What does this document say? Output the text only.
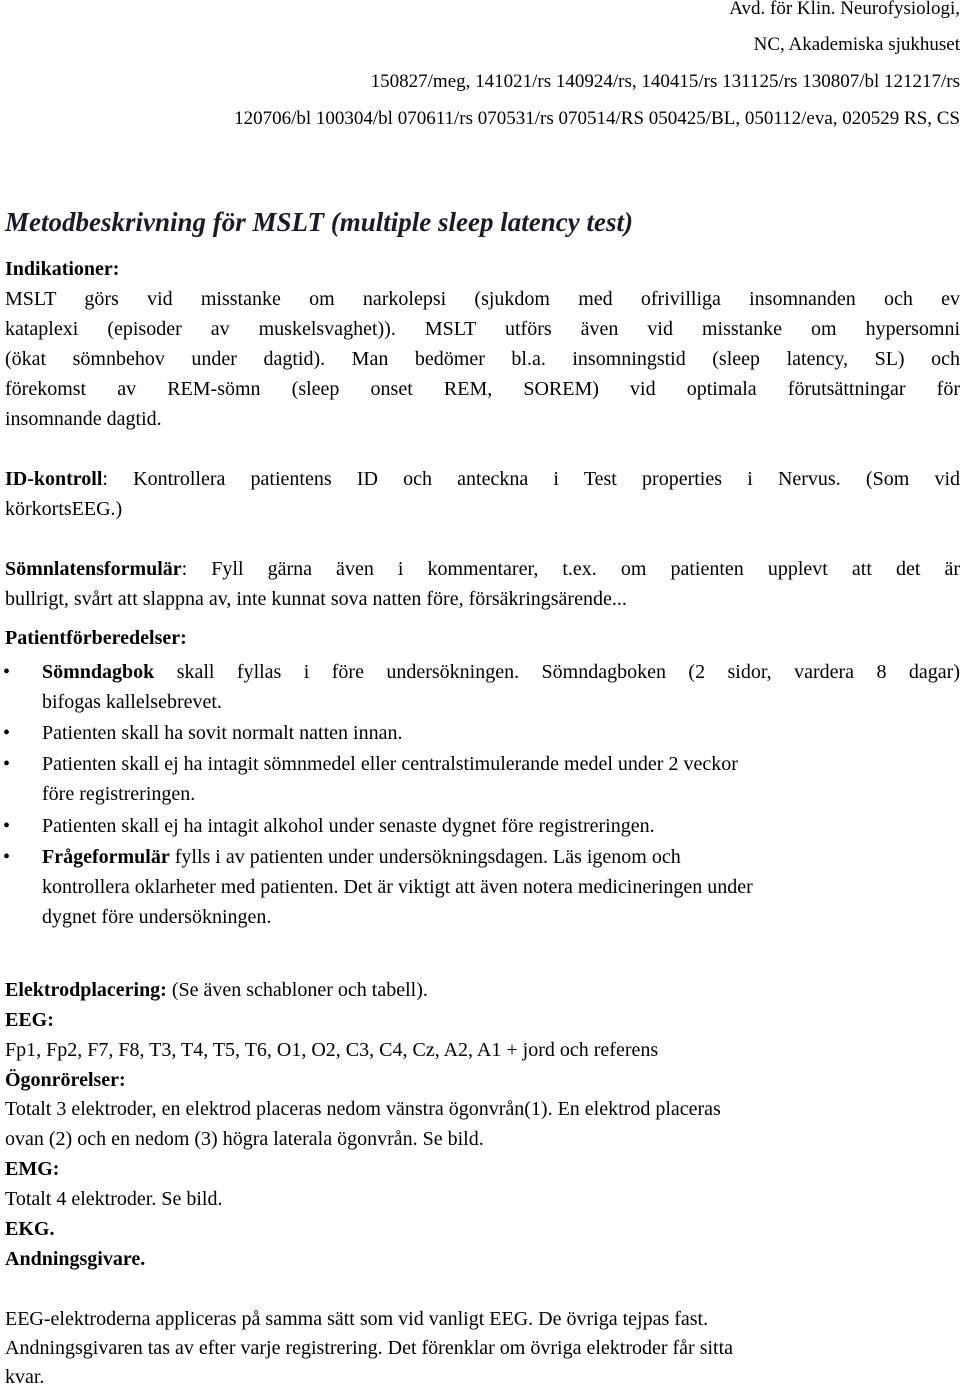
Avd. för Klin. Neurofysiologi,
NC, Akademiska sjukhuset
150827/meg, 141021/rs 140924/rs, 140415/rs 131125/rs 130807/bl 121217/rs
120706/bl 100304/bl 070611/rs 070531/rs 070514/RS 050425/BL, 050112/eva, 020529 RS, CS
Metodbeskrivning för MSLT (multiple sleep latency test)
Indikationer:
MSLT görs vid misstanke om narkolepsi (sjukdom med ofrivilliga insomnanden och ev
kataplexi (episoder av muskelsvaghet)). MSLT utförs även vid misstanke om hypersomni
(ökat sömnbehov under dagtid). Man bedömer bl.a. insomningstid (sleep latency, SL) och
förekomst av REM-sömn (sleep onset REM, SOREM) vid optimala förutsättningar för
insomnande dagtid.
ID-kontroll: Kontrollera patientens ID och anteckna i Test properties i Nervus. (Som vid
körkortsEEG.)
Sömnlatensformulär: Fyll gärna även i kommentarer, t.ex. om patienten upplevt att det är
bullrigt, svårt att slappna av, inte kunnat sova natten före, försäkringsärende...
Patientförberedelser:
• Sömndagbok skall fyllas i före undersökningen. Sömndagboken (2 sidor, vardera 8 dagar)
bifogas kallelsebrevet.
• Patienten skall ha sovit normalt natten innan.
• Patienten skall ej ha intagit sömnmedel eller centralstimulerande medel under 2 veckor
före registreringen.
• Patienten skall ej ha intagit alkohol under senaste dygnet före registreringen.
• Frågeformulär fylls i av patienten under undersökningsdagen. Läs igenom och
kontrollera oklarheter med patienten. Det är viktigt att även notera medicineringen under
dygnet före undersökningen.
Elektrodplacering: (Se även schabloner och tabell).
EEG:
Fp1, Fp2, F7, F8, T3, T4, T5, T6, O1, O2, C3, C4, Cz, A2, A1 + jord och referens
Ögonrörelser:
Totalt 3 elektroder, en elektrod placeras nedom vänstra ögonvrån(1). En elektrod placeras
ovan (2) och en nedom (3) högra laterala ögonvrån. Se bild.
EMG:
Totalt 4 elektroder. Se bild.
EKG.
Andningsgivare.
EEG-elektroderna appliceras på samma sätt som vid vanligt EEG. De övriga tejpas fast.
Andningsgivaren tas av efter varje registrering. Det förenklar om övriga elektroder får sitta
kvar.
